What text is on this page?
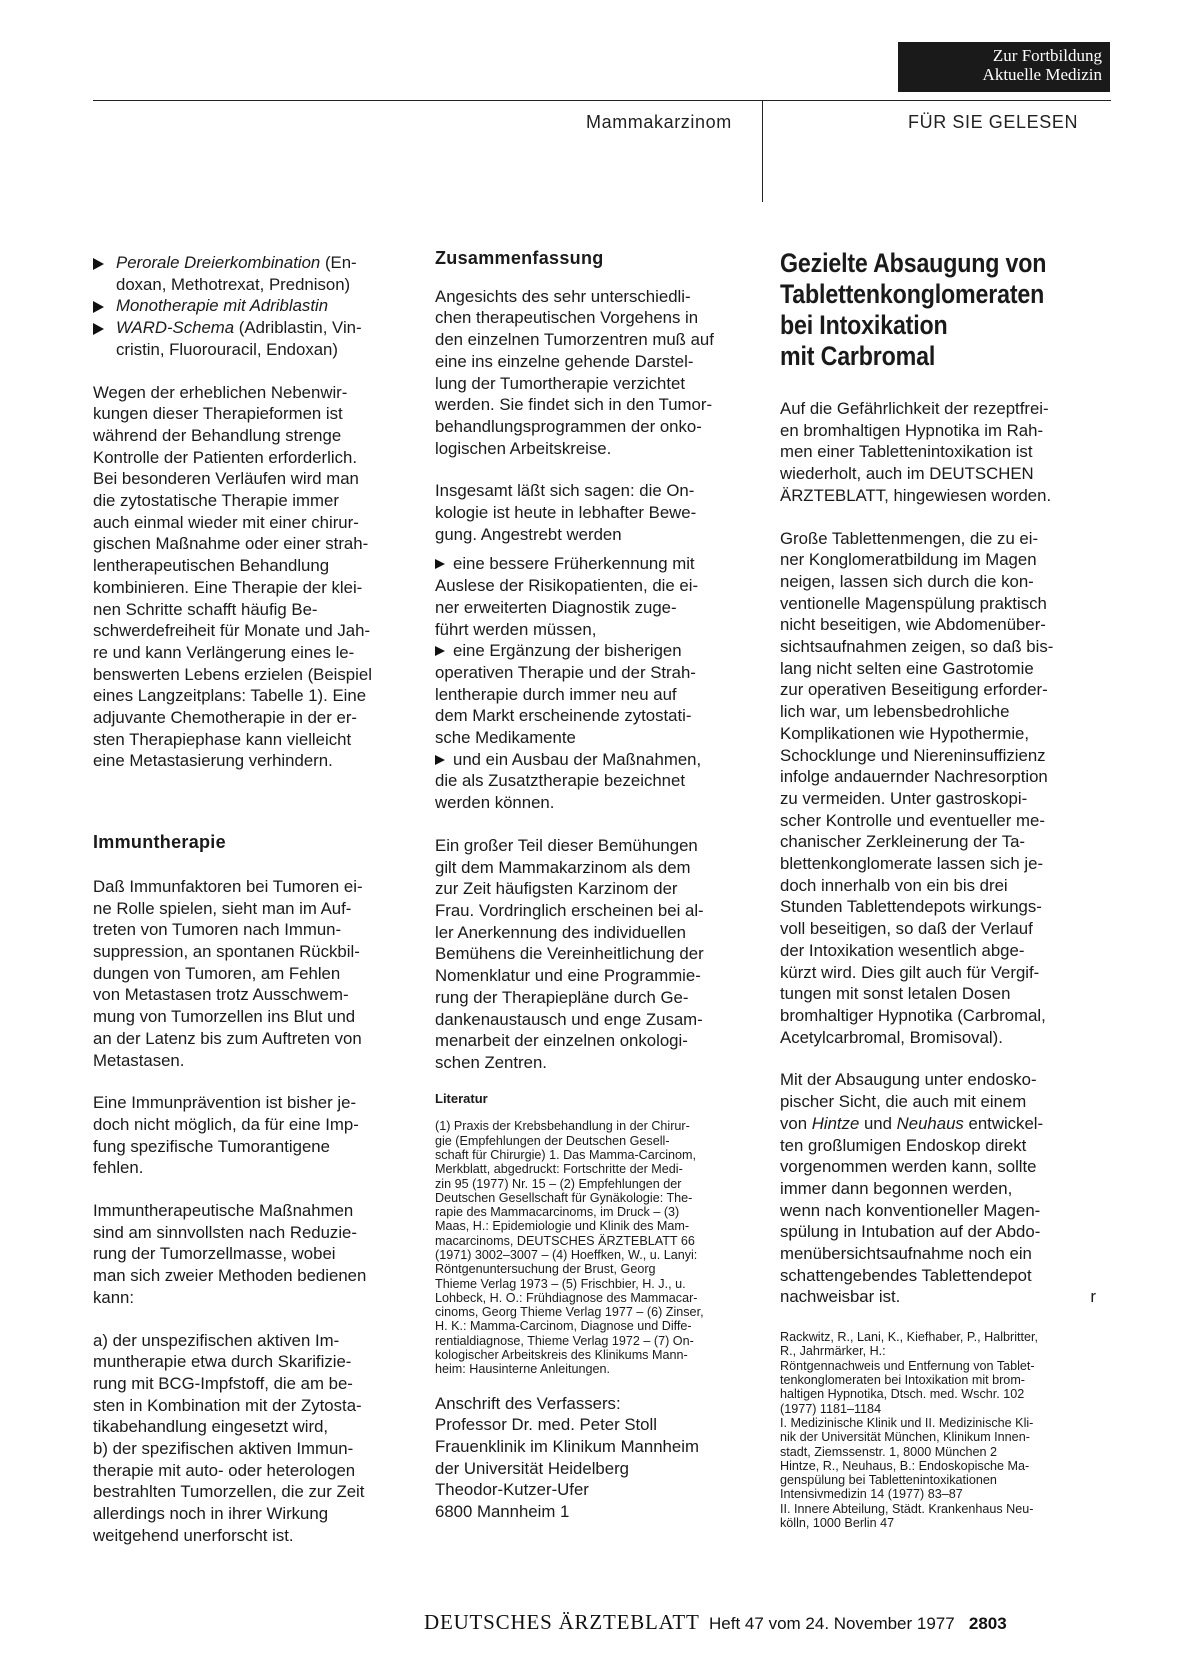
Zur Fortbildung
Aktuelle Medizin
Mammakarzinom	FÜR SIE GELESEN
Perorale Dreierkombination (En-
doxan, Methotrexat, Prednison)
Monotherapie mit Adriblastin
WARD-Schema (Adriblastin, Vin-
cristin, Fluorouracil, Endoxan)

Wegen der erheblichen Nebenwir-
kungen dieser Therapieformen ist
während der Behandlung strenge
Kontrolle der Patienten erforderlich.
Bei besonderen Verläufen wird man
die zytostatische Therapie immer
auch einmal wieder mit einer chirur-
gischen Maßnahme oder einer strah-
lentherapeutischen Behandlung
kombinieren. Eine Therapie der klei-
nen Schritte schafft häufig Be-
schwerdefreiheit für Monate und Jah-
re und kann Verlängerung eines le-
benswerten Lebens erzielen (Beispiel
eines Langzeitplans: Tabelle 1). Eine
adjuvante Chemotherapie in der er-
sten Therapiephase kann vielleicht
eine Metastasierung verhindern.

Immuntherapie

Daß Immunfaktoren bei Tumoren ei-
ne Rolle spielen, sieht man im Auf-
treten von Tumoren nach Immun-
suppression, an spontanen Rückbil-
dungen von Tumoren, am Fehlen
von Metastasen trotz Ausschwem-
mung von Tumorzellen ins Blut und
an der Latenz bis zum Auftreten von
Metastasen.

Eine Immunprävention ist bisher je-
doch nicht möglich, da für eine Imp-
fung spezifische Tumorantigene
fehlen.

Immuntherapeutische Maßnahmen
sind am sinnvollsten nach Reduzie-
rung der Tumorzellmasse, wobei
man sich zweier Methoden bedienen
kann:

a) der unspezifischen aktiven Im-
muntherapie etwa durch Skarifizie-
rung mit BCG-Impfstoff, die am be-
sten in Kombination mit der Zytosta-
tikabehandlung eingesetzt wird,
b) der spezifischen aktiven Immun-
therapie mit auto- oder heterologen
bestrahlten Tumorzellen, die zur Zeit
allerdings noch in ihrer Wirkung
weitgehend unerforscht ist.

Zusammenfassung

Angesichts des sehr unterschiedli-
chen therapeutischen Vorgehens in
den einzelnen Tumorzentren muß auf
eine ins einzelne gehende Darstel-
lung der Tumortherapie verzichtet
werden. Sie findet sich in den Tumor-
behandlungsprogrammen der onko-
logischen Arbeitskreise.

Insgesamt läßt sich sagen: die On-
kologie ist heute in lebhafter Bewe-
gung. Angestrebt werden

eine bessere Früherkennung mit
Auslese der Risikopatienten, die ei-
ner erweiterten Diagnostik zuge-
führt werden müssen,
eine Ergänzung der bisherigen
operativen Therapie und der Strah-
lentherapie durch immer neu auf
dem Markt erscheinende zytostati-
sche Medikamente
und ein Ausbau der Maßnahmen,
die als Zusatztherapie bezeichnet
werden können.

Ein großer Teil dieser Bemühungen
gilt dem Mammakarzinom als dem
zur Zeit häufigsten Karzinom der
Frau. Vordringlich erscheinen bei al-
ler Anerkennung des individuellen
Bemühens die Vereinheitlichung der
Nomenklatur und eine Programmie-
rung der Therapiepläne durch Ge-
dankenaustausch und enge Zusam-
menarbeit der einzelnen onkologi-
schen Zentren.

Literatur

(1) Praxis der Krebsbehandlung in der Chirur-
gie (Empfehlungen der Deutschen Gesell-
schaft für Chirurgie) 1. Das Mamma-Carcinom,
Merkblatt, abgedruckt: Fortschritte der Medi-
zin 95 (1977) Nr. 15 – (2) Empfehlungen der
Deutschen Gesellschaft für Gynäkologie: The-
rapie des Mammacarcinoms, im Druck – (3)
Maas, H.: Epidemiologie und Klinik des Mam-
macarcinoms, DEUTSCHES ÄRZTEBLATT 66
(1971) 3002–3007 – (4) Hoeffken, W., u. Lanyi:
Röntgenuntersuchung der Brust, Georg
Thieme Verlag 1973 – (5) Frischbier, H. J., u.
Lohbeck, H. O.: Frühdiagnose des Mammacar-
cinoms, Georg Thieme Verlag 1977 – (6) Zinser,
H. K.: Mamma-Carcinom, Diagnose und Diffe-
rentialdiagnose, Thieme Verlag 1972 – (7) On-
kologischer Arbeitskreis des Klinikums Mann-
heim: Hausinterne Anleitungen.

Anschrift des Verfassers:
Professor Dr. med. Peter Stoll
Frauenklinik im Klinikum Mannheim
der Universität Heidelberg
Theodor-Kutzer-Ufer
6800 Mannheim 1

Gezielte Absaugung von
Tablettenkonglomeraten
bei Intoxikation
mit Carbromal

Auf die Gefährlichkeit der rezeptfrei-
en bromhaltigen Hypnotika im Rah-
men einer Tablettenintoxikation ist
wiederholt, auch im DEUTSCHEN
ÄRZTEBLATT, hingewiesen worden.

Große Tablettenmengen, die zu ei-
ner Konglomeratbildung im Magen
neigen, lassen sich durch die kon-
ventionelle Magenspülung praktisch
nicht beseitigen, wie Abdomenüber-
sichtsaufnahmen zeigen, so daß bis-
lang nicht selten eine Gastrotomie
zur operativen Beseitigung erforder-
lich war, um lebensbedrohliche
Komplikationen wie Hypothermie,
Schocklunge und Niereninsuffizienz
infolge andauernder Nachresorption
zu vermeiden. Unter gastroskopi-
scher Kontrolle und eventueller me-
chanischer Zerkleinerung der Ta-
blettenkonglomerate lassen sich je-
doch innerhalb von ein bis drei
Stunden Tablettendepots wirkungs-
voll beseitigen, so daß der Verlauf
der Intoxikation wesentlich abge-
kürzt wird. Dies gilt auch für Vergif-
tungen mit sonst letalen Dosen
bromhaltiger Hypnotika (Carbromal,
Acetylcarbromal, Bromisoval).

Mit der Absaugung unter endosko-
pischer Sicht, die auch mit einem
von Hintze und Neuhaus entwickel-
ten großlumigen Endoskop direkt
vorgenommen werden kann, sollte
immer dann begonnen werden,
wenn nach konventioneller Magen-
spülung in Intubation auf der Abdo-
menübersichtsaufnahme noch ein
schattengebendes Tablettendepot
nachweisbar ist.	r

Rackwitz, R., Lani, K., Kiefhaber, P., Halbritter,
R., Jahrmärker, H.:
Röntgennachweis und Entfernung von Tablet-
tenkonglomeraten bei Intoxikation mit brom-
haltigen Hypnotika, Dtsch. med. Wschr. 102
(1977) 1181–1184
I. Medizinische Klinik und II. Medizinische Kli-
nik der Universität München, Klinikum Innen-
stadt, Ziemssenstr. 1, 8000 München 2
Hintze, R., Neuhaus, B.: Endoskopische Ma-
genspülung bei Tablettenintoxikationen
Intensivmedizin 14 (1977) 83–87
II. Innere Abteilung, Städt. Krankenhaus Neu-
kölln, 1000 Berlin 47

DEUTSCHES ÄRZTEBLATT Heft 47 vom 24. November 1977 2803
